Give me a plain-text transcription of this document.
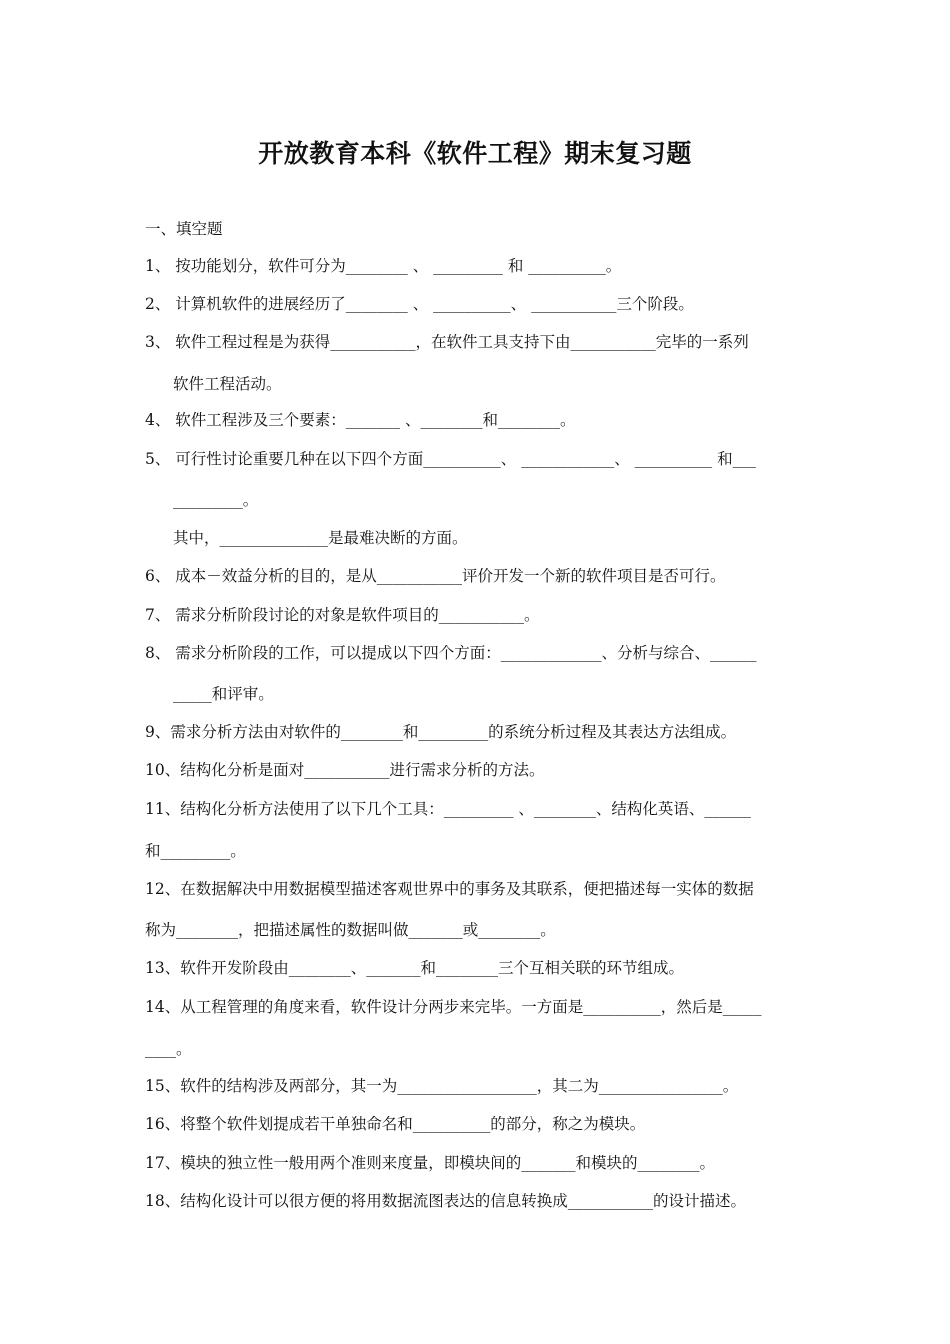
开放教育本科《软件工程》期末复习题
一、填空题
1、 按功能划分，软件可分为________ 、 _________ 和 __________。
2、 计算机软件的进展经历了________ 、 __________、 ___________三个阶段。
3、 软件工程过程是为获得___________，在软件工具支持下由___________完毕的一系列
软件工程活动。
4、 软件工程涉及三个要素：_______ 、________和________。
5、 可行性讨论重要几种在以下四个方面__________、 ____________、 __________ 和___
_________。
其中，______________是最难决断的方面。
6、 成本－效益分析的目的，是从___________评价开发一个新的软件项目是否可行。
7、 需求分析阶段讨论的对象是软件项目的___________。
8、 需求分析阶段的工作，可以提成以下四个方面：_____________、分析与综合、______
_____和评审。
9、需求分析方法由对软件的________和_________的系统分析过程及其表达方法组成。
10、结构化分析是面对___________进行需求分析的方法。
11、结构化分析方法使用了以下几个工具：_________ 、________、结构化英语、______
和_________。
12、在数据解决中用数据模型描述客观世界中的事务及其联系，便把描述每一实体的数据
称为________，把描述属性的数据叫做_______或________。
13、软件开发阶段由________、_______和________三个互相关联的环节组成。
14、从工程管理的角度来看，软件设计分两步来完毕。一方面是__________，然后是_____
____。
15、软件的结构涉及两部分，其一为__________________，其二为________________。
16、将整个软件划提成若干单独命名和__________的部分，称之为模块。
17、模块的独立性一般用两个准则来度量，即模块间的_______和模块的________。
18、结构化设计可以很方便的将用数据流图表达的信息转换成___________的设计描述。
